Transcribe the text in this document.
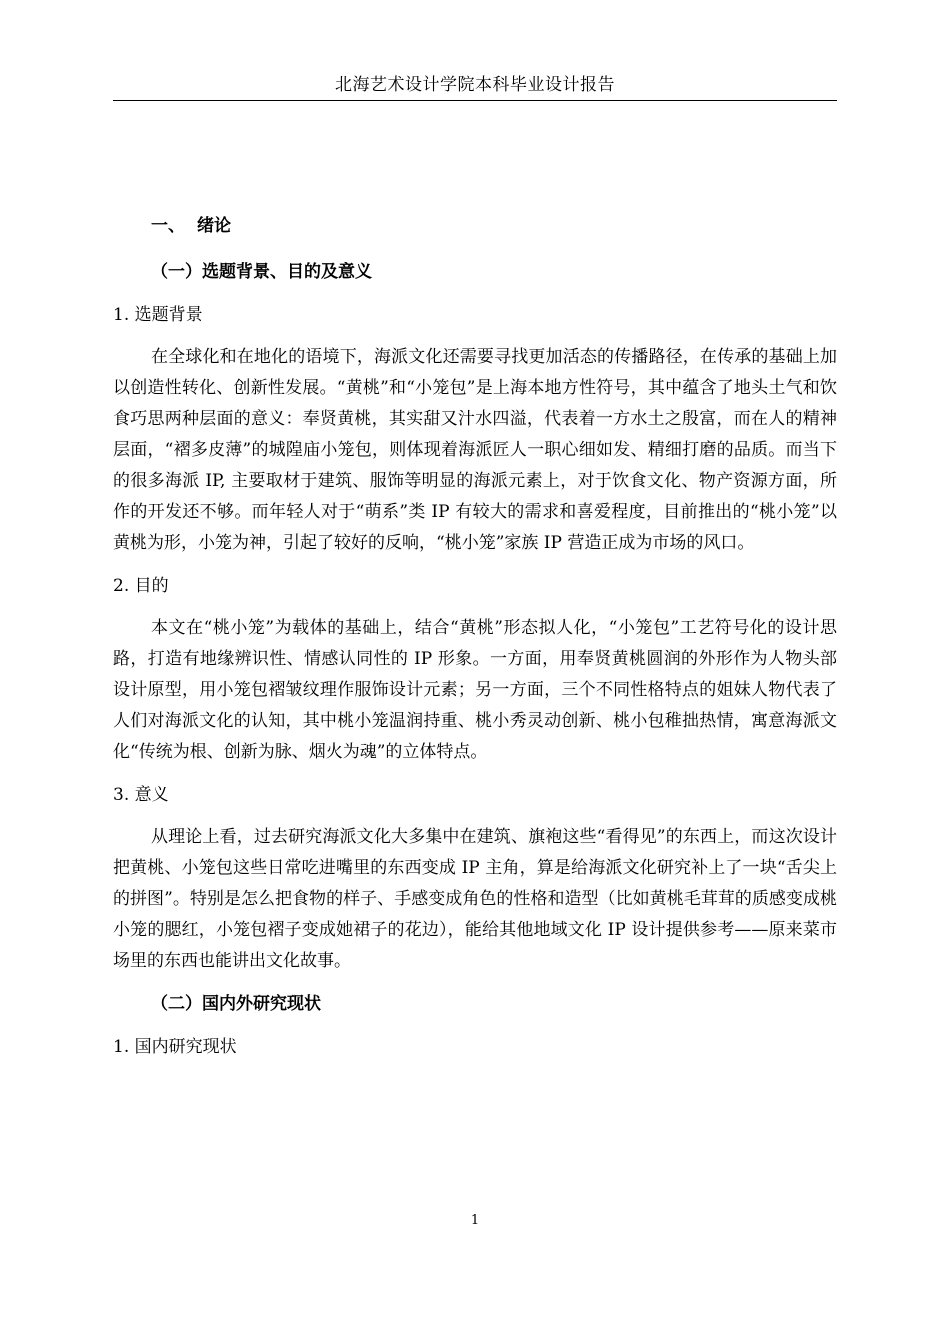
北海艺术设计学院本科毕业设计报告
一、 绪论
（一）选题背景、目的及意义
1. 选题背景

在全球化和在地化的语境下，海派文化还需要寻找更加活态的传播路径，在传承的基础上加以创造性转化、创新性发展。“黄桃”和“小笼包”是上海本地方性符号，其中蕴含了地头土气和饮食巧思两种层面的意义：奉贤黄桃，其实甜又汁水四溢，代表着一方水土之殷富，而在人的精神层面，“褶多皮薄”的城隍庙小笼包，则体现着海派匠人一职心细如发、精细打磨的品质。而当下的很多海派 IP, 主要取材于建筑、服饰等明显的海派元素上，对于饮食文化、物产资源方面，所作的开发还不够。而年轻人对于“萌系”类 IP 有较大的需求和喜爱程度，目前推出的“桃小笼”以黄桃为形，小笼为神，引起了较好的反响，“桃小笼”家族 IP 营造正成为市场的风口。

2. 目的

本文在“桃小笼”为载体的基础上，结合“黄桃”形态拟人化，“小笼包”工艺符号化的设计思路，打造有地缘辨识性、情感认同性的 IP 形象。一方面，用奉贤黄桃圆润的外形作为人物头部设计原型，用小笼包褶皱纹理作服饰设计元素；另一方面，三个不同性格特点的姐妹人物代表了人们对海派文化的认知，其中桃小笼温润持重、桃小秀灵动创新、桃小包稚拙热情，寓意海派文化“传统为根、创新为脉、烟火为魂”的立体特点。

3. 意义

从理论上看，过去研究海派文化大多集中在建筑、旗袍这些“看得见”的东西上，而这次设计把黄桃、小笼包这些日常吃进嘴里的东西变成 IP 主角，算是给海派文化研究补上了一块“舌尖上的拼图”。特别是怎么把食物的样子、手感变成角色的性格和造型（比如黄桃毛茸茸的质感变成桃小笼的腮红，小笼包褶子变成她裙子的花边），能给其他地域文化 IP 设计提供参考——原来菜市场里的东西也能讲出文化故事。

（二）国内外研究现状
1. 国内研究现状
1
